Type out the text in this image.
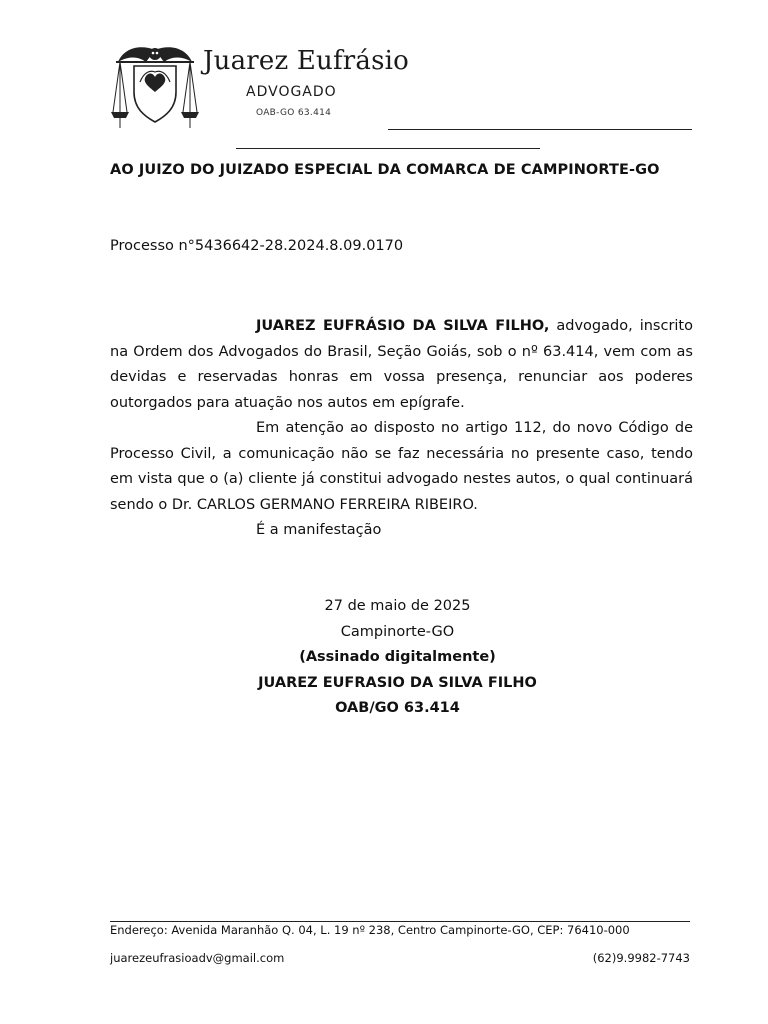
Juarez Eufrásio
ADVOGADO
OAB-GO 63.414
AO JUIZO DO JUIZADO ESPECIAL DA COMARCA DE CAMPINORTE-GO
Processo n°5436642-28.2024.8.09.0170

JUAREZ EUFRÁSIO DA SILVA FILHO, advogado, inscrito na Ordem dos Advogados do Brasil, Seção Goiás, sob o nº 63.414, vem com as devidas e reservadas honras em vossa presença, renunciar aos poderes outorgados para atuação nos autos em epígrafe.

Em atenção ao disposto no artigo 112, do novo Código de Processo Civil, a comunicação não se faz necessária no presente caso, tendo em vista que o (a) cliente já constitui advogado nestes autos, o qual continuará sendo o Dr. CARLOS GERMANO FERREIRA RIBEIRO.

É a manifestação

27 de maio de 2025
Campinorte-GO
(Assinado digitalmente)
JUAREZ EUFRASIO DA SILVA FILHO
OAB/GO 63.414
Endereço: Avenida Maranhão Q. 04, L. 19 nº 238, Centro Campinorte-GO, CEP: 76410-000
juarezeufrasioadv@gmail.com	(62)9.9982-7743
